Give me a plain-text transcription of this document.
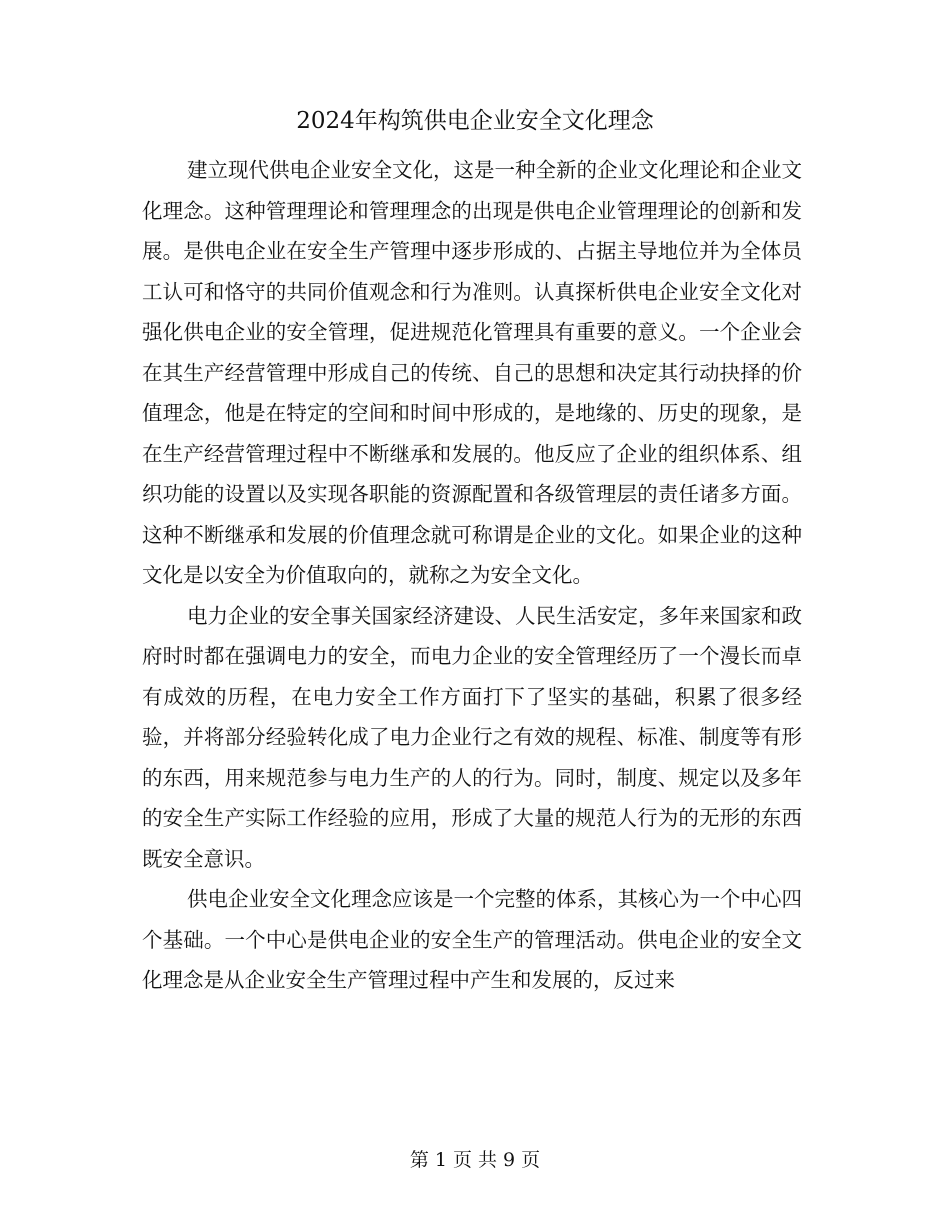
2024年构筑供电企业安全文化理念

建立现代供电企业安全文化，这是一种全新的企业文化理论和企业文化理念。这种管理理论和管理理念的出现是供电企业管理理论的创新和发展。是供电企业在安全生产管理中逐步形成的、占据主导地位并为全体员工认可和恪守的共同价值观念和行为准则。认真探析供电企业安全文化对强化供电企业的安全管理，促进规范化管理具有重要的意义。一个企业会在其生产经营管理中形成自己的传统、自己的思想和决定其行动抉择的价值理念，他是在特定的空间和时间中形成的，是地缘的、历史的现象，是在生产经营管理过程中不断继承和发展的。他反应了企业的组织体系、组织功能的设置以及实现各职能的资源配置和各级管理层的责任诸多方面。这种不断继承和发展的价值理念就可称谓是企业的文化。如果企业的这种文化是以安全为价值取向的，就称之为安全文化。

电力企业的安全事关国家经济建设、人民生活安定，多年来国家和政府时时都在强调电力的安全，而电力企业的安全管理经历了一个漫长而卓有成效的历程，在电力安全工作方面打下了坚实的基础，积累了很多经验，并将部分经验转化成了电力企业行之有效的规程、标准、制度等有形的东西，用来规范参与电力生产的人的行为。同时，制度、规定以及多年的安全生产实际工作经验的应用，形成了大量的规范人行为的无形的东西既安全意识。

供电企业安全文化理念应该是一个完整的体系，其核心为一个中心四个基础。一个中心是供电企业的安全生产的管理活动。供电企业的安全文化理念是从企业安全生产管理过程中产生和发展的，反过来

第 1 页 共 9 页
